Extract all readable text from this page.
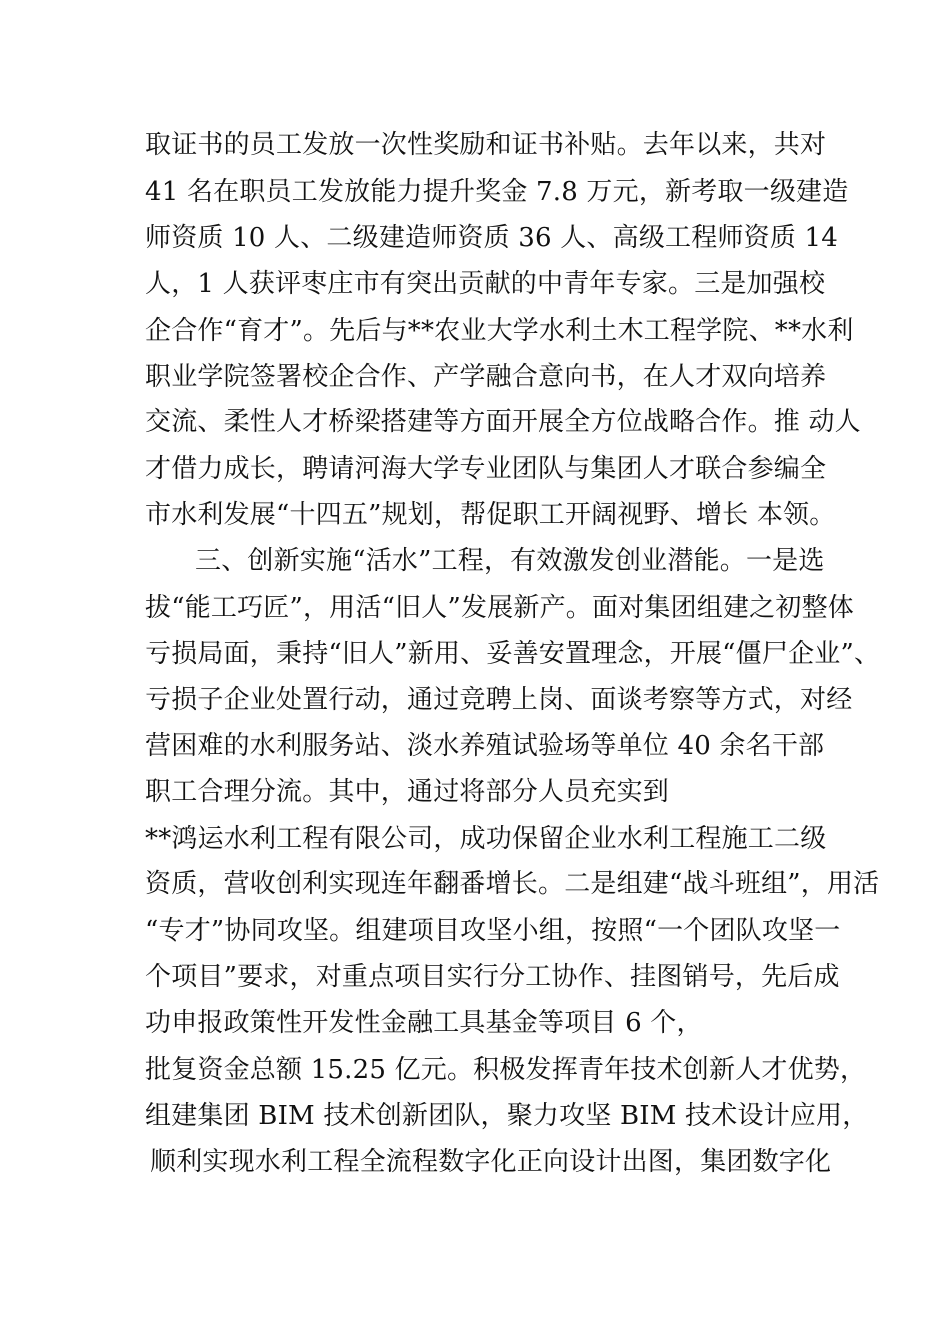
取证书的员工发放一次性奖励和证书补贴。去年以来，共对
41 名在职员工发放能力提升奖金 7.8 万元，新考取一级建造
师资质 10 人、二级建造师资质 36 人、高级工程师资质 14
人，1 人获评枣庄市有突出贡献的中青年专家。三是加强校
企合作“育才”。先后与**农业大学水利土木工程学院、**水利
职业学院签署校企合作、产学融合意向书，在人才双向培养
交流、柔性人才桥梁搭建等方面开展全方位战略合作。推 动人
才借力成长，聘请河海大学专业团队与集团人才联合参编全
市水利发展“十四五”规划，帮促职工开阔视野、增长 本领。
三、创新实施“活水”工程，有效激发创业潜能。一是选
拔“能工巧匠”，用活“旧人”发展新产。面对集团组建之初整体
亏损局面，秉持“旧人”新用、妥善安置理念，开展“僵尸企业”、
亏损子企业处置行动，通过竞聘上岗、面谈考察等方式，对经
营困难的水利服务站、淡水养殖试验场等单位 40 余名干部
职工合理分流。其中，通过将部分人员充实到
**鸿运水利工程有限公司，成功保留企业水利工程施工二级
资质，营收创利实现连年翻番增长。二是组建“战斗班组”，用活
“专才”协同攻坚。组建项目攻坚小组，按照“一个团队攻坚一
个项目”要求，对重点项目实行分工协作、挂图销号，先后成
功申报政策性开发性金融工具基金等项目 6 个，
批复资金总额 15.25 亿元。积极发挥青年技术创新人才优势，
组建集团 BIM 技术创新团队，聚力攻坚 BIM 技术设计应用，
顺利实现水利工程全流程数字化正向设计出图，集团数字化
